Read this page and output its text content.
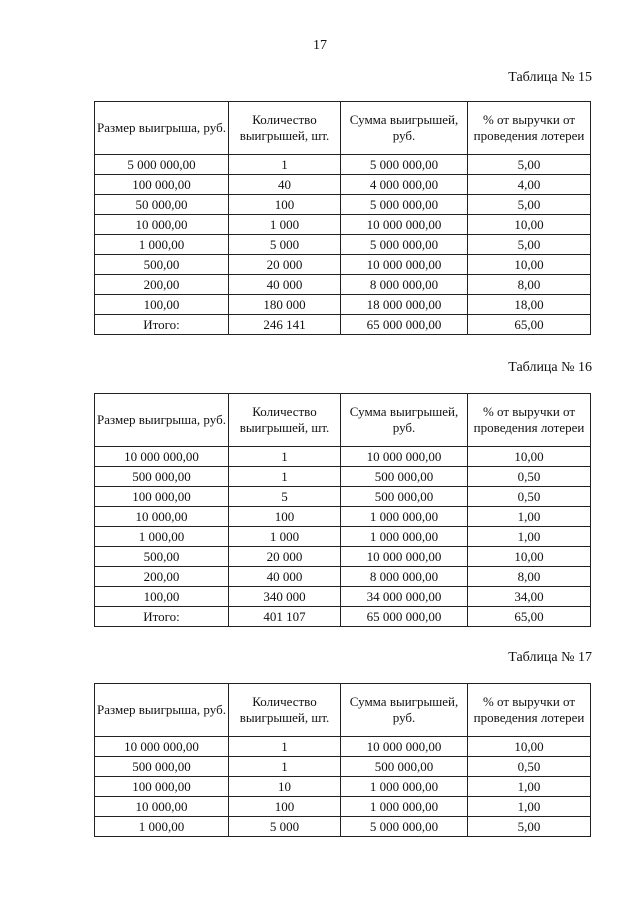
17
Таблица № 15
Размер выигрыша, руб.	Количество выигрышей, шт.	Сумма выигрышей, руб.	% от выручки от проведения лотереи
5 000 000,00	1	5 000 000,00	5,00
100 000,00	40	4 000 000,00	4,00
50 000,00	100	5 000 000,00	5,00
10 000,00	1 000	10 000 000,00	10,00
1 000,00	5 000	5 000 000,00	5,00
500,00	20 000	10 000 000,00	10,00
200,00	40 000	8 000 000,00	8,00
100,00	180 000	18 000 000,00	18,00
Итого:	246 141	65 000 000,00	65,00
Таблица № 16
Размер выигрыша, руб.	Количество выигрышей, шт.	Сумма выигрышей, руб.	% от выручки от проведения лотереи
10 000 000,00	1	10 000 000,00	10,00
500 000,00	1	500 000,00	0,50
100 000,00	5	500 000,00	0,50
10 000,00	100	1 000 000,00	1,00
1 000,00	1 000	1 000 000,00	1,00
500,00	20 000	10 000 000,00	10,00
200,00	40 000	8 000 000,00	8,00
100,00	340 000	34 000 000,00	34,00
Итого:	401 107	65 000 000,00	65,00
Таблица № 17
Размер выигрыша, руб.	Количество выигрышей, шт.	Сумма выигрышей, руб.	% от выручки от проведения лотереи
10 000 000,00	1	10 000 000,00	10,00
500 000,00	1	500 000,00	0,50
100 000,00	10	1 000 000,00	1,00
10 000,00	100	1 000 000,00	1,00
1 000,00	5 000	5 000 000,00	5,00
